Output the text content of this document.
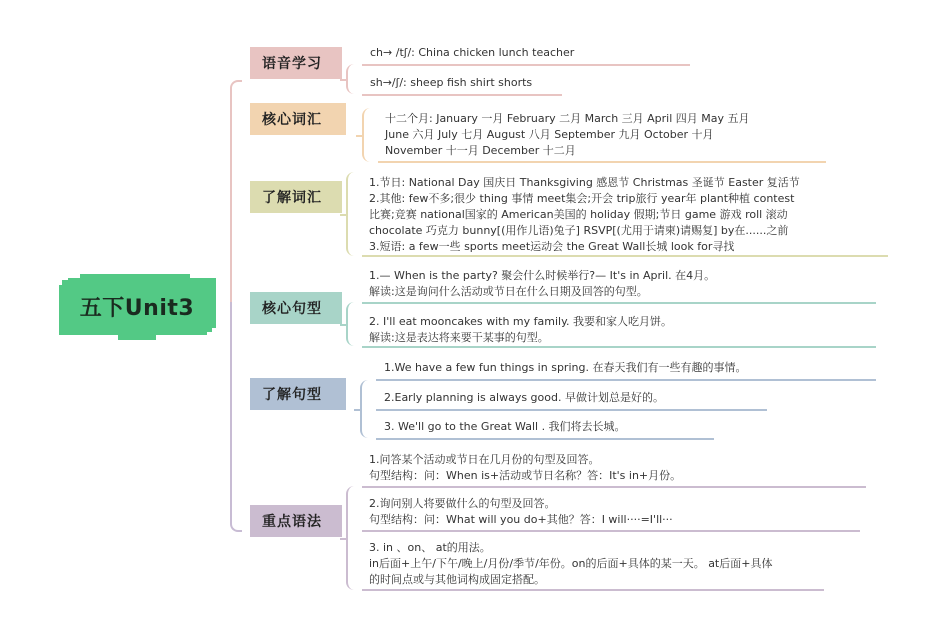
五下Unit3
语音学习
ch→ /tʃ/: China chicken lunch teacher
sh→/ʃ/: sheep fish shirt shorts
核心词汇	十二个月: January 一月 February 二月 March 三月 April 四月 May 五月
June 六月 July 七月 August 八月 September 九月 October 十月
November 十一月 December 十二月
了解词汇
1.节日: National Day 国庆日 Thanksgiving 感恩节 Christmas 圣诞节 Easter 复活节
2.其他: few不多;很少 thing 事情 meet集会;开会 trip旅行 year年 plant种植 contest
比赛;竞赛 national国家的 American美国的 holiday 假期;节日 game 游戏 roll 滚动
chocolate 巧克力 bunny[(用作儿语)兔子] RSVP[(尤用于请柬)请赐复] by在......之前
3.短语: a few一些 sports meet运动会 the Great Wall长城 look for寻找
核心句型
1.— When is the party? 聚会什么时候举行?— It's in April. 在4月。
解读:这是询问什么活动或节日在什么日期及回答的句型。
2. I'll eat mooncakes with my family. 我要和家人吃月饼。
解读:这是表达将来要干某事的句型。
了解句型
1.We have a few fun things in spring. 在春天我们有一些有趣的事情。
2.Early planning is always good. 早做计划总是好的。
3. We'll go to the Great Wall . 我们将去长城。
重点语法
1.问答某个活动或节日在几月份的句型及回答。
句型结构：问：When is+活动或节日名称？答：It's in+月份。
2.询问别人将要做什么的句型及回答。
句型结构：问：What will you do+其他？答：I will····=I'll···
3. in 、on、 at的用法。
in后面+上午/下午/晚上/月份/季节/年份。on的后面+具体的某一天。 at后面+具体
的时间点或与其他词构成固定搭配。
